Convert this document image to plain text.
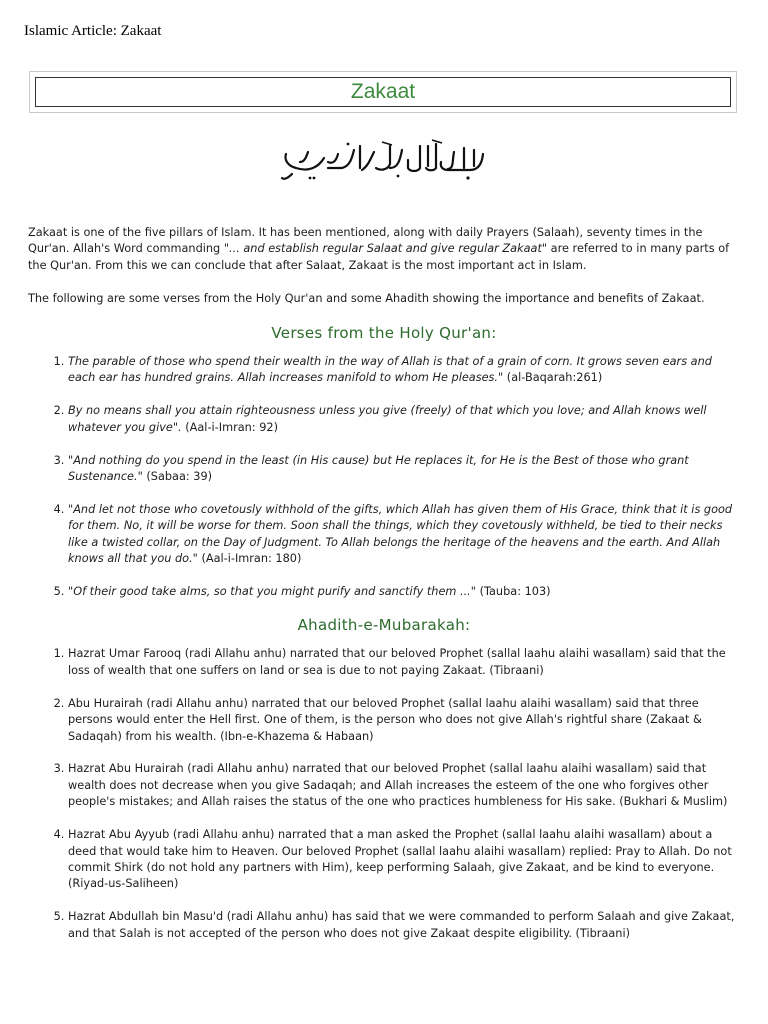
Islamic Article: Zakaat
Zakaat

Zakaat is one of the five pillars of Islam. It has been mentioned, along with daily Prayers (Salaah), seventy times in the Qur'an. Allah's Word commanding "... and establish regular Salaat and give regular Zakaat" are referred to in many parts of the Qur'an. From this we can conclude that after Salaat, Zakaat is the most important act in Islam.

The following are some verses from the Holy Qur'an and some Ahadith showing the importance and benefits of Zakaat.

Verses from the Holy Qur'an:
1. The parable of those who spend their wealth in the way of Allah is that of a grain of corn. It grows seven ears and each ear has hundred grains. Allah increases manifold to whom He pleases." (al-Baqarah:261)
2. By no means shall you attain righteousness unless you give (freely) of that which you love; and Allah knows well whatever you give". (Aal-i-Imran: 92)
3. "And nothing do you spend in the least (in His cause) but He replaces it, for He is the Best of those who grant Sustenance." (Sabaa: 39)
4. "And let not those who covetously withhold of the gifts, which Allah has given them of His Grace, think that it is good for them. No, it will be worse for them. Soon shall the things, which they covetously withheld, be tied to their necks like a twisted collar, on the Day of Judgment. To Allah belongs the heritage of the heavens and the earth. And Allah knows all that you do." (Aal-i-Imran: 180)
5. "Of their good take alms, so that you might purify and sanctify them ..." (Tauba: 103)
Ahadith-e-Mubarakah:
1. Hazrat Umar Farooq (radi Allahu anhu) narrated that our beloved Prophet (sallal laahu alaihi wasallam) said that the loss of wealth that one suffers on land or sea is due to not paying Zakaat. (Tibraani)
2. Abu Hurairah (radi Allahu anhu) narrated that our beloved Prophet (sallal laahu alaihi wasallam) said that three persons would enter the Hell first. One of them, is the person who does not give Allah's rightful share (Zakaat & Sadaqah) from his wealth. (Ibn-e-Khazema & Habaan)
3. Hazrat Abu Hurairah (radi Allahu anhu) narrated that our beloved Prophet (sallal laahu alaihi wasallam) said that wealth does not decrease when you give Sadaqah; and Allah increases the esteem of the one who forgives other people's mistakes; and Allah raises the status of the one who practices humbleness for His sake. (Bukhari & Muslim)
4. Hazrat Abu Ayyub (radi Allahu anhu) narrated that a man asked the Prophet (sallal laahu alaihi wasallam) about a deed that would take him to Heaven. Our beloved Prophet (sallal laahu alaihi wasallam) replied: Pray to Allah. Do not commit Shirk (do not hold any partners with Him), keep performing Salaah, give Zakaat, and be kind to everyone. (Riyad-us-Saliheen)
5. Hazrat Abdullah bin Masu'd (radi Allahu anhu) has said that we were commanded to perform Salaah and give Zakaat, and that Salah is not accepted of the person who does not give Zakaat despite eligibility. (Tibraani)
